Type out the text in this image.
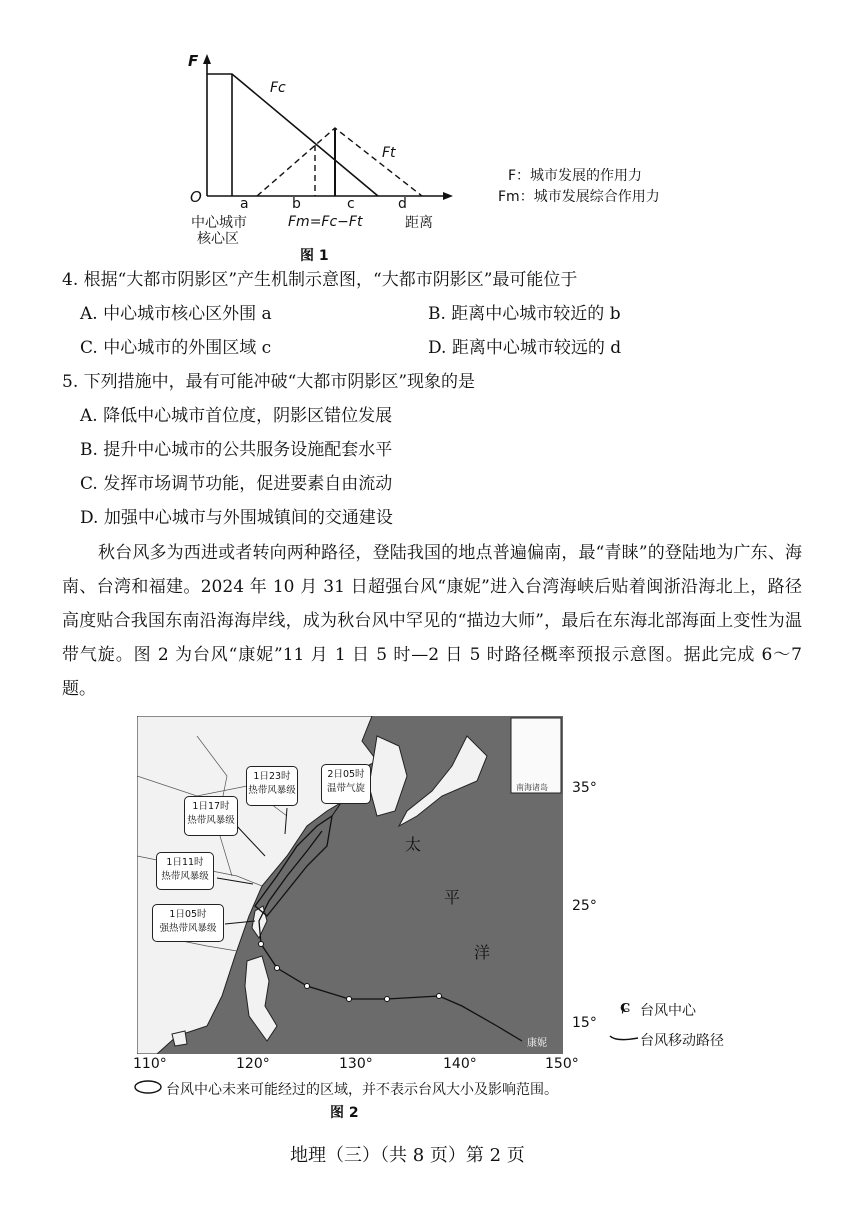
F
O
Fc
Ft
a	b	c	d
中心城市
核心区
Fm=Fc−Ft	距离
F：城市发展的作用力
Fm：城市发展综合作用力
图 1
4. 根据“大都市阴影区”产生机制示意图，“大都市阴影区”最可能位于
A. 中心城市核心区外围 a	B. 距离中心城市较近的 b
C. 中心城市的外围区域 c	D. 距离中心城市较远的 d
5. 下列措施中，最有可能冲破“大都市阴影区”现象的是
A. 降低中心城市首位度，阴影区错位发展
B. 提升中心城市的公共服务设施配套水平
C. 发挥市场调节功能，促进要素自由流动
D. 加强中心城市与外围城镇间的交通建设
秋台风多为西进或者转向两种路径，登陆我国的地点普遍偏南，最“青睐”的登陆地为广东、海南、台湾和福建。2024 年 10 月 31 日超强台风“康妮”进入台湾海峡后贴着闽浙沿海北上，路径高度贴合我国东南沿海海岸线，成为秋台风中罕见的“描边大师”，最后在东海北部海面上变性为温带气旋。图 2 为台风“康妮”11 月 1 日 5 时—2 日 5 时路径概率预报示意图。据此完成 6～7 题。
1日23时
热带风暴级
2日05时
温带气旋
1日17时
热带风暴级
1日11时
热带风暴级
1日05时
强热带风暴级
太
平
洋
南海诸岛
康妮
35°
25°
15°
110°	120°	130°	140°	150°
ɕ 台风中心
台风移动路径
台风中心未来可能经过的区域，并不表示台风大小及影响范围。
图 2
地理（三）（共 8 页）第 2 页
